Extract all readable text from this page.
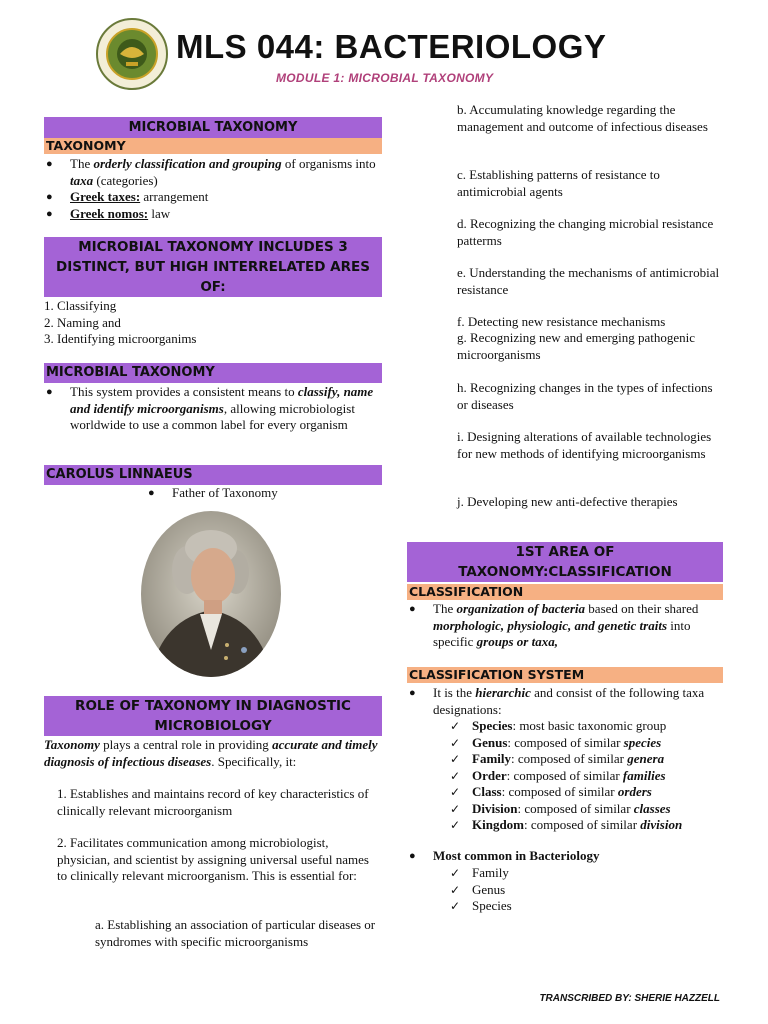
MLS 044: BACTERIOLOGY
MODULE 1: MICROBIAL TAXONOMY
MICROBIAL TAXONOMY
TAXONOMY
● The orderly classification and grouping of organisms into taxa (categories)
● Greek taxes: arrangement
● Greek nomos: law
MICROBIAL TAXONOMY INCLUDES 3 DISTINCT, BUT HIGH INTERRELATED ARES OF:
1. Classifying
2. Naming and
3. Identifying microorganims
MICROBIAL TAXONOMY
● This system provides a consistent means to classify, name and identify microorganisms, allowing microbiologist worldwide to use a common label for every organism
CAROLUS LINNAEUS
● Father of Taxonomy
ROLE OF TAXONOMY IN DIAGNOSTIC MICROBIOLOGY

Taxonomy plays a central role in providing accurate and timely diagnosis of infectious diseases. Specifically, it:

1. Establishes and maintains record of key characteristics of clinically relevant microorganism
2. Facilitates communication among microbiologist, physician, and scientist by assigning universal useful names to clinically relevant microorganism. This is essential for:
a. Establishing an association of particular diseases or syndromes with specific microorganisms
b. Accumulating knowledge regarding the management and outcome of infectious diseases
c. Establishing patterns of resistance to antimicrobial agents
d. Recognizing the changing microbial resistance patterms
e. Understanding the mechanisms of antimicrobial resistance
f. Detecting new resistance mechanisms
g. Recognizing new and emerging pathogenic microorganisms
h. Recognizing changes in the types of infections or diseases
i. Designing alterations of available technologies for new methods of identifying microorganisms
j. Developing new anti-defective therapies
1ST AREA OF TAXONOMY:CLASSIFICATION
CLASSIFICATION
● The organization of bacteria based on their shared morphologic, physiologic, and genetic traits into specific groups or taxa,
CLASSIFICATION SYSTEM
● It is the hierarchic and consist of the following taxa designations:
✓ Species: most basic taxonomic group
✓ Genus: composed of similar species
✓ Family: composed of similar genera
✓ Order: composed of similar families
✓ Class: composed of similar orders
✓ Division: composed of similar classes
✓ Kingdom: composed of similar division
● Most common in Bacteriology
✓ Family
✓ Genus
✓ Species
TRANSCRIBED BY: SHERIE HAZZELL
